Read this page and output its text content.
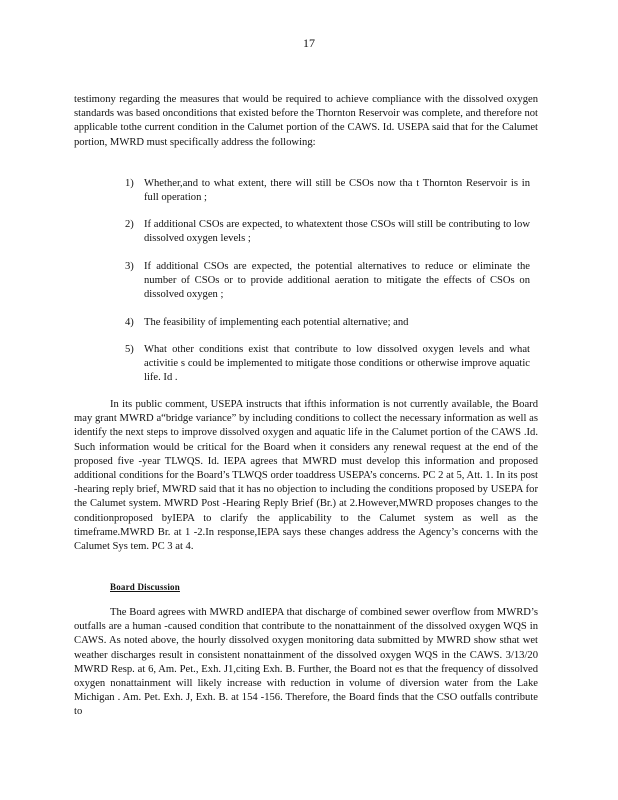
17

testimony regarding the measures that would be required to achieve compliance with the dissolved oxygen standards was based onconditions that existed before the Thornton Reservoir was complete, and therefore not applicable tothe current condition in the Calumet portion of the CAWS. Id. USEPA said that for the Calumet portion, MWRD must specifically address the following:

1) Whether,and to what extent, there will still be CSOs now tha t Thornton Reservoir is in full operation ;
2) If additional CSOs are expected, to whatextent those CSOs will still be contributing to low dissolved oxygen levels ;
3) If additional CSOs are expected, the potential alternatives to reduce or eliminate the number of CSOs or to provide additional aeration to mitigate the effects of CSOs on dissolved oxygen ;
4) The feasibility of implementing each potential alternative; and
5) What other conditions exist that contribute to low dissolved oxygen levels and what activitie s could be implemented to mitigate those conditions or otherwise improve aquatic life. Id .

In its public comment, USEPA instructs that ifthis information is not currently available, the Board may grant MWRD a“bridge variance” by including conditions to collect the necessary information as well as identify the next steps to improve dissolved oxygen and aquatic life in the Calumet portion of the CAWS .Id. Such information would be critical for the Board when it considers any renewal request at the end of the proposed five -year TLWQS. Id. IEPA agrees that MWRD must develop this information and proposed additional conditions for the Board’s TLWQS order toaddress USEPA’s concerns. PC 2 at 5, Att. 1. In its post -hearing reply brief, MWRD said that it has no objection to including the conditions proposed by USEPA for the Calumet system. MWRD Post -Hearing Reply Brief (Br.) at 2.However,MWRD proposes changes to the conditionproposed byIEPA to clarify the applicability to the Calumet system as well as the timeframe.MWRD Br. at 1 -2.In response,IEPA says these changes address the Agency’s concerns with the Calumet Sys tem. PC 3 at 4.

Board Discussion

The Board agrees with MWRD andIEPA that discharge of combined sewer overflow from MWRD’s outfalls are a human -caused condition that contribute to the nonattainment of the dissolved oxygen WQS in CAWS. As noted above, the hourly dissolved oxygen monitoring data submitted by MWRD show sthat wet weather discharges result in consistent nonattainment of the dissolved oxygen WQS in the CAWS. 3/13/20 MWRD Resp. at 6, Am. Pet., Exh. J1,citing Exh. B. Further, the Board not es that the frequency of dissolved oxygen nonattainment will likely increase with reduction in volume of diversion water from the Lake Michigan . Am. Pet. Exh. J, Exh. B. at 154 -156. Therefore, the Board finds that the CSO outfalls contribute to
